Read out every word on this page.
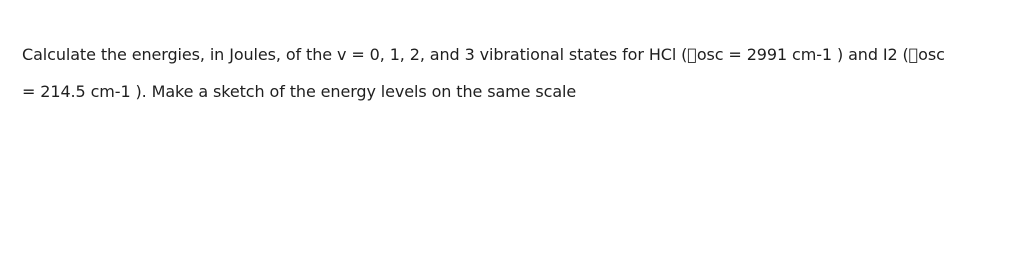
Calculate the energies, in Joules, of the v = 0, 1, 2, and 3 vibrational states for HCl ( osc = 2991 cm-1 ) and I2 ( osc
= 214.5 cm-1 ). Make a sketch of the energy levels on the same scale
